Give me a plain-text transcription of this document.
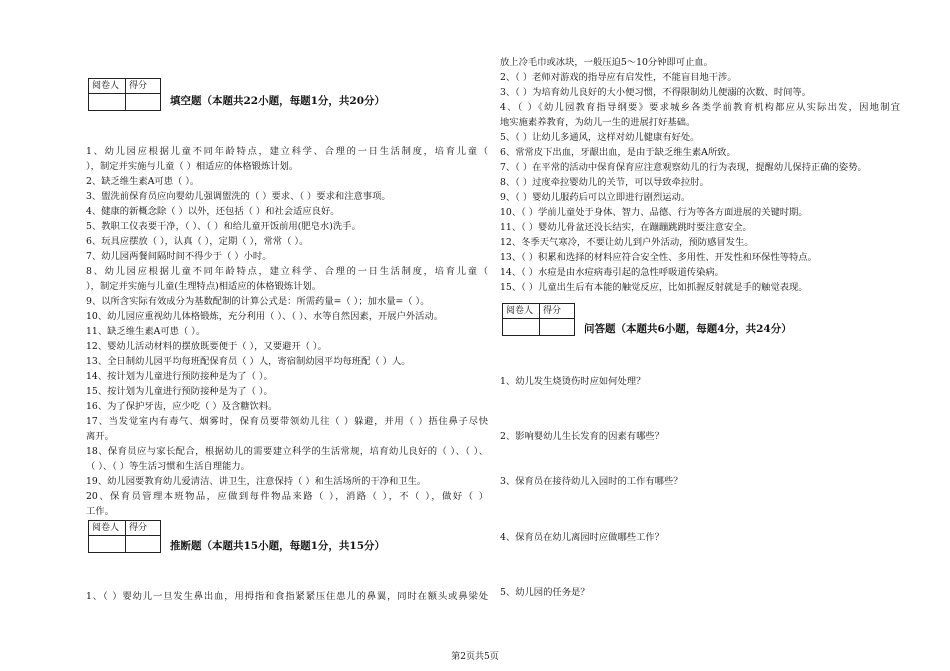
阅卷人	得分

填空题（本题共22小题，每题1分，共20分）
1、幼儿园应根据儿童不同年龄特点，建立科学、合理的一日生活制度，培育儿童（
），制定并实施与儿童（ ）相适应的体格锻炼计划。
2、缺乏维生素A可患（ ）。
3、盥洗前保育员应向婴幼儿强调盥洗的（ ）要求、（ ）要求和注意事项。
4、健康的新概念除（ ）以外，还包括（ ）和社会适应良好。
5、教职工仪表要干净，（ ）、（ ）和给儿童开饭前用(肥皂水)洗手。
6、玩具应摆放（ ），认真（ ），定期（ ），常常（ ）。
7、幼儿园两餐间隔时间不得少于（ ）小时。
8、幼儿园应根据儿童不同年龄特点，建立科学、合理的一日生活制度，培育儿童（
），制定并实施与儿童(生理特点)相适应的体格锻炼计划。
9、以所含实际有效成分为基数配制的计算公式是：所需药量=（ ）；加水量=（ ）。
10、幼儿园应重视幼儿体格锻炼，充分利用（ ）、（ ）、水等自然因素，开展户外活动。
11、缺乏维生素A可患（ ）。
12、婴幼儿活动材料的摆放既要便于（ ），又要避开（ ）。
13、全日制幼儿园平均每班配保育员（ ）人，寄宿制幼园平均每班配（ ）人。
14、按计划为儿童进行预防接种是为了（ ）。
15、按计划为儿童进行预防接种是为了（ ）。
16、为了保护牙齿，应少吃（ ）及含糖饮料。
17、当发觉室内有毒气、烟雾时，保育员要带领幼儿往（ ）躲避，并用（ ）捂住鼻子尽快
离开。
18、保育员应与家长配合，根据幼儿的需要建立科学的生活常规，培育幼儿良好的（ ）、（ ）、
（ ）、（ ）等生活习惯和生活自理能力。
19、幼儿园要教育幼儿爱清洁、讲卫生，注意保持（ ）和生活场所的干净和卫生。
20、保育员管理本班物品，应做到每件物品来路（ ），消路（ ），不（ ），做好（ ）
工作。
阅卷人	得分

推断题（本题共15小题，每题1分，共15分）
1、（ ）婴幼儿一旦发生鼻出血，用拇指和食指紧紧压住患儿的鼻翼，同时在额头或鼻梁处
放上冷毛巾或冰块，一般压迫5～10分钟即可止血。
2、（ ）老师对游戏的指导应有启发性，不能盲目地干涉。
3、（ ）为培育幼儿良好的大小便习惯，不得限制幼儿便溺的次数、时间等。
4、（ ）《幼儿园教育指导纲要》要求城乡各类学前教育机构都应从实际出发，因地制宜
地实施素养教育，为幼儿一生的进展打好基础。
5、（ ）让幼儿多通风，这样对幼儿健康有好处。
6、常常皮下出血，牙龈出血，是由于缺乏维生素A所致。
7、（ ）在平常的活动中保育保育应注意观察幼儿的行为表现，提醒幼儿保持正确的姿势。
8、（ ）过度牵拉婴幼儿的关节，可以导致牵拉肘。
9、（ ）婴幼儿服药后可以立即进行剧烈运动。
10、（ ）学前儿童处于身体、智力、品德、行为等各方面进展的关键时期。
11、（ ）婴幼儿骨盆还没长结实，在蹦蹦跳跳时要注意安全。
12、冬季天气寒冷，不要让幼儿到户外活动，预防感冒发生。
13、（ ）积累和选择的材料应符合安全性、多用性、开发性和环保性等特点。
14、（ ）水痘是由水痘病毒引起的急性呼吸道传染病。
15、（ ）儿童出生后有本能的触觉反应，比如抓握反射就是手的触觉表现。
阅卷人	得分

问答题（本题共6小题，每题4分，共24分）
1、幼儿发生烧烫伤时应如何处理？
2、影响婴幼儿生长发育的因素有哪些？
3、保育员在接待幼儿入园时的工作有哪些？
4、保育员在幼儿离园时应做哪些工作？
5、幼儿园的任务是？
第2页共5页
